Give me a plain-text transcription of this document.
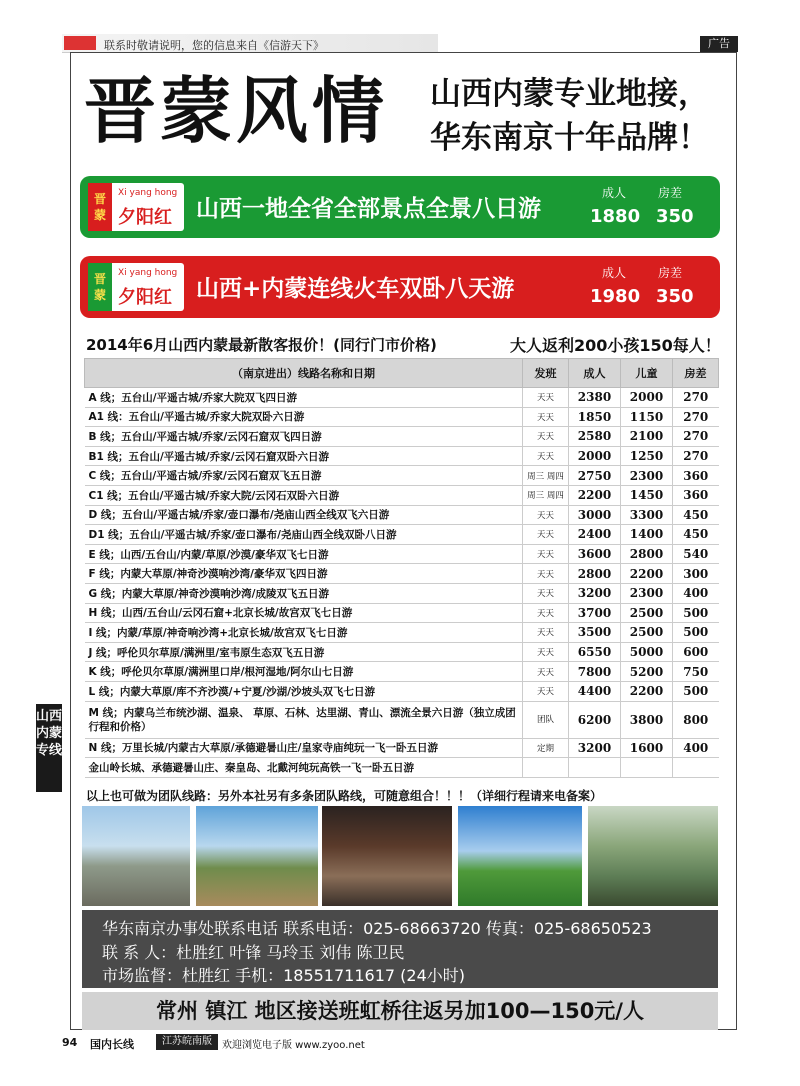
联系时敬请说明，您的信息来自《信游天下》	广告
晋蒙风情 山西内蒙专业地接，
华东南京十年品牌！
晋
蒙
Xi yang hong
夕阳红 山西一地全省全部景点全景八日游
成人	房差
1880 350
晋
蒙
Xi yang hong
夕阳红 山西+内蒙连线火车双卧八天游
成人	房差
1980 350
2014年6月山西内蒙最新散客报价！(同行门市价格)	大人返利200小孩150每人！
（南京进出）线路名称和日期	发班	成人	儿童	房差
A 线；五台山/平遥古城/乔家大院双飞四日游	天天	2380	2000	270
A1 线：五台山/平遥古城/乔家大院双卧六日游	天天	1850	1150	270
B 线；五台山/平遥古城/乔家/云冈石窟双飞四日游	天天	2580	2100	270
B1 线；五台山/平遥古城/乔家/云冈石窟双卧六日游	天天	2000	1250	270
C 线；五台山/平遥古城/乔家/云冈石窟双飞五日游	周三 周四	2750	2300	360
C1 线；五台山/平遥古城/乔家大院/云冈石双卧六日游	周三 周四	2200	1450	360
D 线；五台山/平遥古城/乔家/壶口瀑布/尧庙山西全线双飞六日游	天天	3000	3300	450
D1 线；五台山/平遥古城/乔家/壶口瀑布/尧庙山西全线双卧八日游	天天	2400	1400	450
E 线；山西/五台山/内蒙/草原/沙漠/豪华双飞七日游	天天	3600	2800	540
F 线；内蒙大草原/神奇沙漠响沙湾/豪华双飞四日游	天天	2800	2200	300
G 线；内蒙大草原/神奇沙漠响沙湾/成陵双飞五日游	天天	3200	2300	400
H 线；山西/五台山/云冈石窟+北京长城/故宫双飞七日游	天天	3700	2500	500
I 线；内蒙/草原/神奇响沙湾+北京长城/故宫双飞七日游	天天	3500	2500	500
J 线；呼伦贝尔草原/满洲里/室韦原生态双飞五日游	天天	6550	5000	600
K 线；呼伦贝尔草原/满洲里口岸/根河湿地/阿尔山七日游	天天	7800	5200	750
L 线；内蒙大草原/库不齐沙漠/+宁夏/沙湖/沙坡头双飞七日游	天天	4400	2200	500
M 线；内蒙乌兰布统沙湖、温泉、 草原、石林、达里湖、青山、漂流全景六日游（独立成团行程和价格）	团队	6200	3800	800
N 线；万里长城/内蒙古大草原/承德避暑山庄/皇家寺庙纯玩一飞一卧五日游	定期	3200	1600	400
金山岭长城、承德避暑山庄、秦皇岛、北戴河纯玩高铁一飞一卧五日游				
山西内蒙专线
以上也可做为团队线路：另外本社另有多条团队路线，可随意组合！！！（详细行程请来电备案）
华东南京办事处联系电话 联系电话：025-68663720 传真：025-68650523
联 系 人：杜胜红 叶锋 马玲玉 刘伟 陈卫民
市场监督：杜胜红 手机：18551711617 (24小时)
常州 镇江 地区接送班虹桥往返另加100—150元/人
94 国内长线	江苏皖南版	欢迎浏览电子版 www.zyoo.net
